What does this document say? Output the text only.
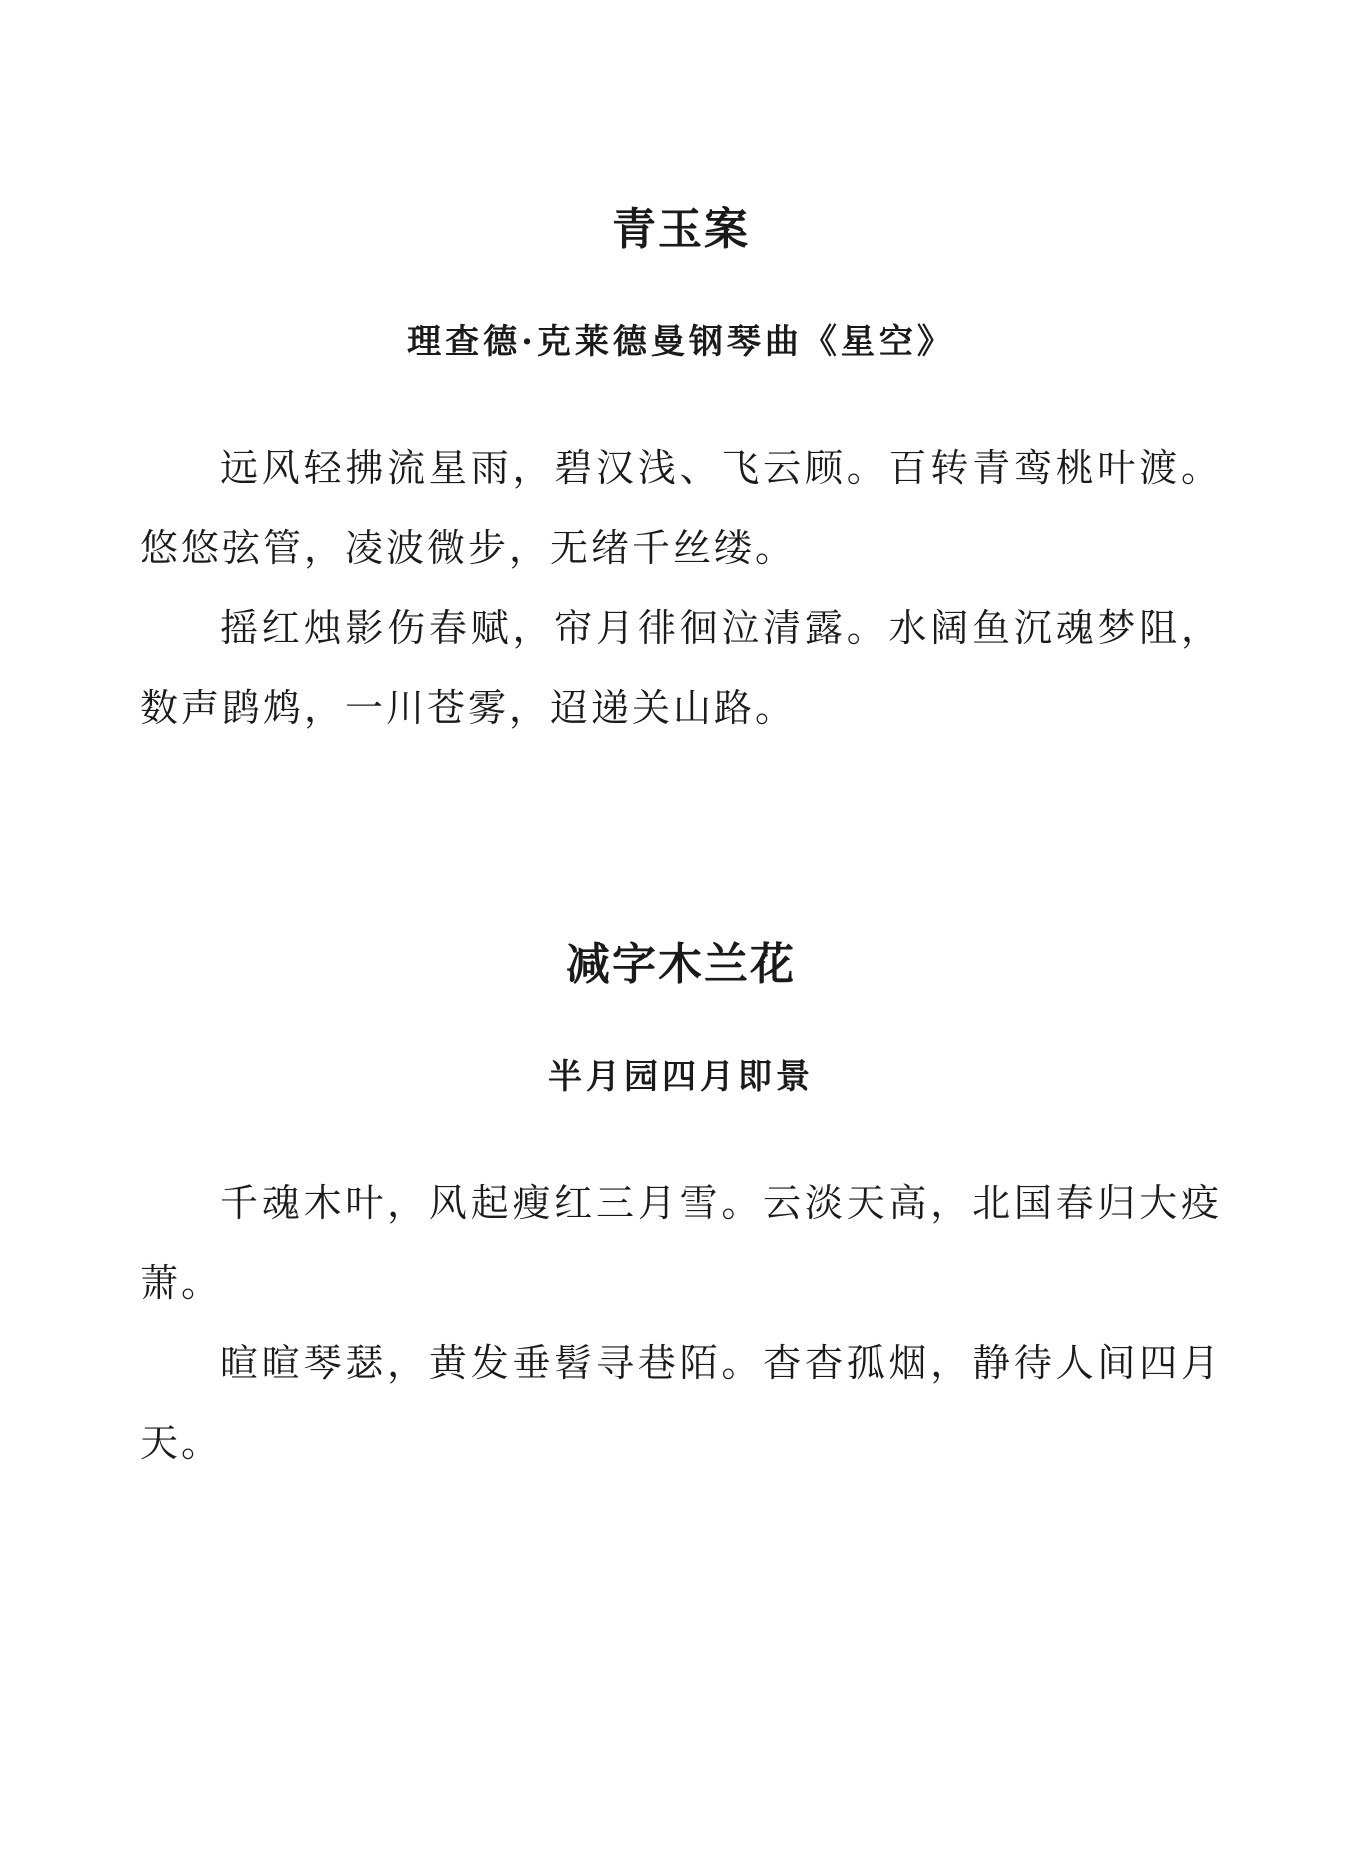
青玉案
理查德·克莱德曼钢琴曲《星空》

远风轻拂流星雨，碧汉浅、飞云顾。百转青鸾桃叶渡。悠悠弦管，凌波微步，无绪千丝缕。

摇红烛影伤春赋，帘月徘徊泣清露。水阔鱼沉魂梦阻，数声鹍鸩，一川苍雾，迢递关山路。

减字木兰花
半月园四月即景

千魂木叶，风起瘦红三月雪。云淡天高，北国春归大疫萧。

暄暄琴瑟，黄发垂髫寻巷陌。杳杳孤烟，静待人间四月天。
